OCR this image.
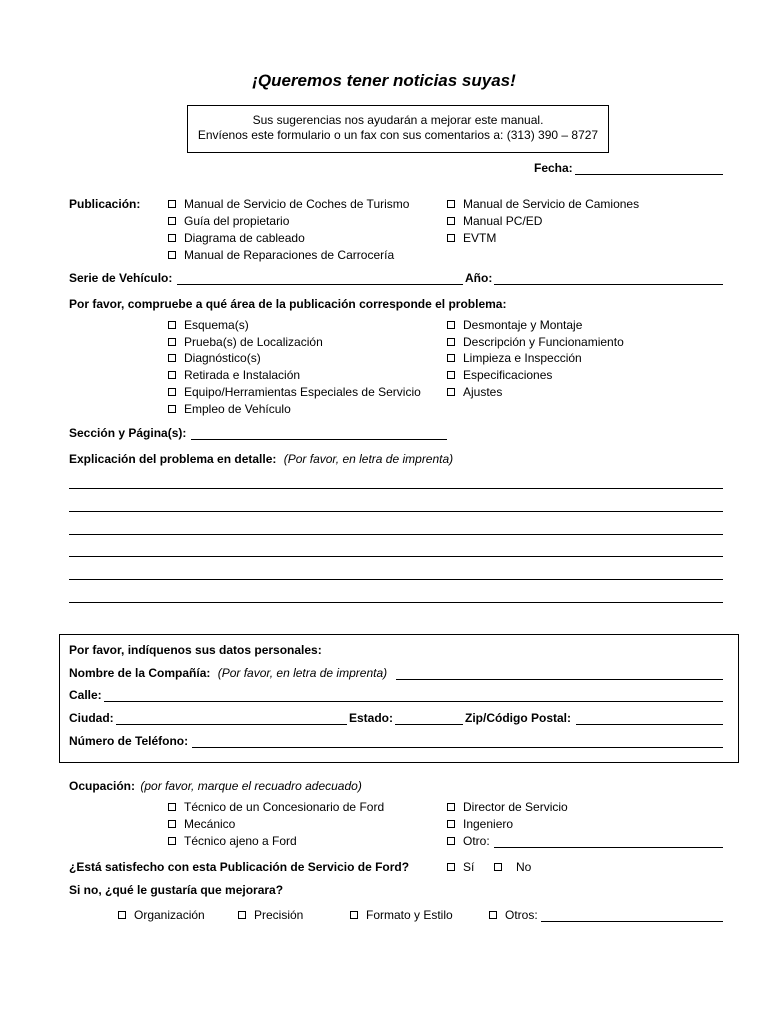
¡Queremos tener noticias suyas!
Sus sugerencias nos ayudarán a mejorar este manual.
Envíenos este formulario o un fax con sus comentarios a: (313) 390 – 8727
Fecha:
Publicación:	Manual de Servicio de Coches de Turismo
Guía del propietario
Diagrama de cableado
Manual de Reparaciones de Carrocería
Manual de Servicio de Camiones
Manual PC/ED
EVTM
Serie de Vehículo:	Año:
Por favor, compruebe a qué área de la publicación corresponde el problema:
Esquema(s)
Prueba(s) de Localización
Diagnóstico(s)
Retirada e Instalación
Equipo/Herramientas Especiales de Servicio
Empleo de Vehículo
Desmontaje y Montaje
Descripción y Funcionamiento
Limpieza e Inspección
Especificaciones
Ajustes
Sección y Página(s):
Explicación del problema en detalle: (Por favor, en letra de imprenta)
Por favor, indíquenos sus datos personales:
Nombre de la Compañía: (Por favor, en letra de imprenta)
Calle:
Ciudad:	Estado:	Zip/Código Postal:
Número de Teléfono:
Ocupación: (por favor, marque el recuadro adecuado)
Técnico de un Concesionario de Ford
Mecánico
Técnico ajeno a Ford
Director de Servicio
Ingeniero
Otro:
¿Está satisfecho con esta Publicación de Servicio de Ford?	Sí	No
Si no, ¿qué le gustaría que mejorara?
Organización	Precisión	Formato y Estilo	Otros:
